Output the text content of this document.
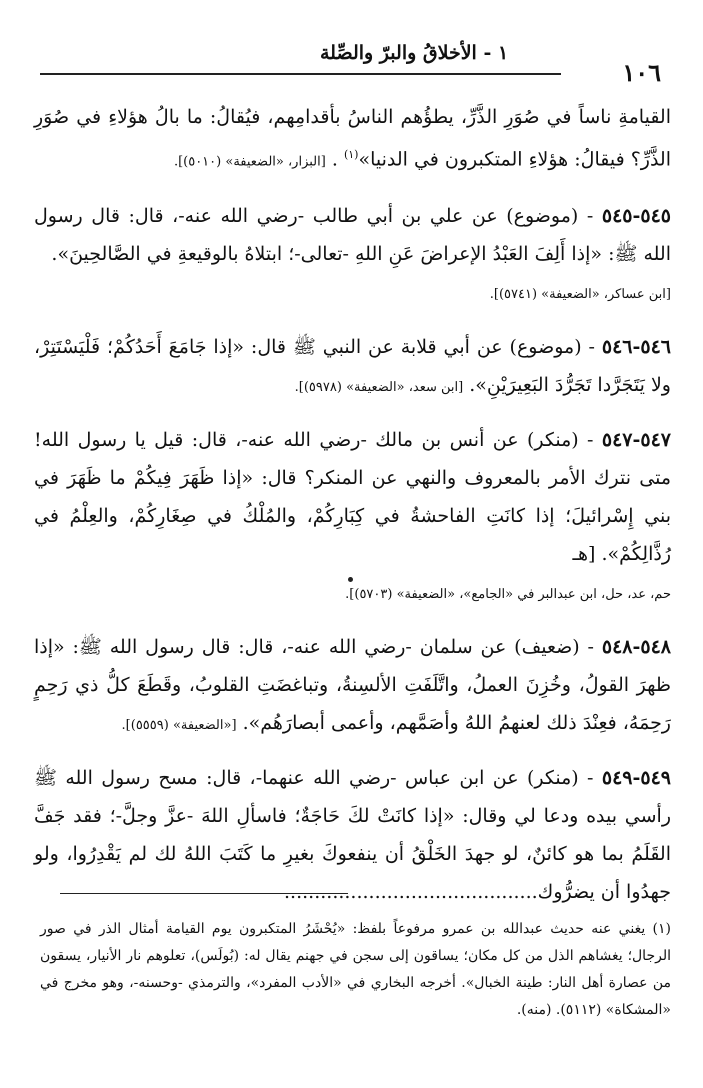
١٠٦
١ - الأخلاقُ والبرّ والصِّلة

القيامةِ ناساً في صُوَرِ الذَّرِّ، يطؤُهم الناسُ بأقدامِهم، فيُقالُ: ما بالُ هؤلاءِ في صُوَرِ الذَّرِّ؟ فيقالُ: هؤلاءِ المتكبرون في الدنيا»$^{(١)}$ . [البزار، «الضعيفة» (٥٠١٠)].

٥٤٥-٥٤٥ - (موضوع) عن علي بن أبي طالب -رضي الله عنه-، قال: قال رسول الله ﷺ: «إذا أَلِفَ العَبْدُ الإعراضَ عَنِ اللهِ -تعالى-؛ ابتلاهُ بالوقيعةِ في الصَّالحِينَ».
[ابن عساكر، «الضعيفة» (٥٧٤١)].

٥٤٦-٥٤٦ - (موضوع) عن أبي قلابة عن النبي ﷺ قال: «إذا جَامَعَ أَحَدُكُمْ؛ فَلْيَسْتَتِرْ، ولا يَتَجَرَّدا تَجَرُّدَ البَعِيرَيْنِ». [ابن سعد، «الضعيفة» (٥٩٧٨)].

٥٤٧-٥٤٧ - (منكر) عن أنس بن مالك -رضي الله عنه-، قال: قيل يا رسول الله! متى نترك الأمر بالمعروف والنهي عن المنكر؟ قال: «إذا ظَهَرَ فِيكُمْ ما ظَهَرَ في بني إِسْرائيلَ؛ إذا كانَتِ الفاحشةُ في كِبَارِكُمْ، والمُلْكُ في صِغَارِكُمْ، والعِلْمُ في رُذَّالِكُمْ». [هـ
حم، عد، حل، ابن عبدالبر في «الجامع»، «الضعيفة» (٥٧٠٣)].

٥٤٨-٥٤٨ - (ضعيف) عن سلمان -رضي الله عنه-، قال: قال رسول الله ﷺ: «إذا ظهرَ القولُ، وخُزِنَ العملُ، واتَّلَفَتِ الألسِنةُ، وتباغضَتِ القلوبُ، وقَطَعَ كلُّ ذي رَحِمٍ رَحِمَهُ، فعِنْدَ ذلك لعنهمُ اللهُ وأصَمَّهم، وأعمى أبصارَهُم». [«الضعيفة» (٥٥٥٩)].

٥٤٩-٥٤٩ - (منكر) عن ابن عباس -رضي الله عنهما-، قال: مسح رسول الله ﷺ رأسي بيده ودعا لي وقال: «إذا كانَتْ لكَ حَاجَةٌ؛ فاسألِ اللهَ -عزَّ وجلَّ-؛ فقد جَفَّ القَلَمُ بما هو كائنٌ، لو جهدَ الخَلْقُ أن ينفعوكَ بغيرِ ما كَتَبَ اللهُ لك لم يَقْدِرُوا، ولو جهدُوا أن يضرُّوك..........................................

(١) يغني عنه حديث عبدالله بن عمرو مرفوعاً بلفظ: «يُحْشَرُ المتكبرون يوم القيامة أمثال الذر في صور الرجال؛ يغشاهم الذل من كل مكان؛ يساقون إلى سجن في جهنم يقال له: (بُولَس)، تعلوهم نار الأنيار، يسقون من عصارة أهل النار: طينة الخبال». أخرجه البخاري في «الأدب المفرد»، والترمذي -وحسنه-، وهو مخرج في «المشكاة» (٥١١٢). (منه).
